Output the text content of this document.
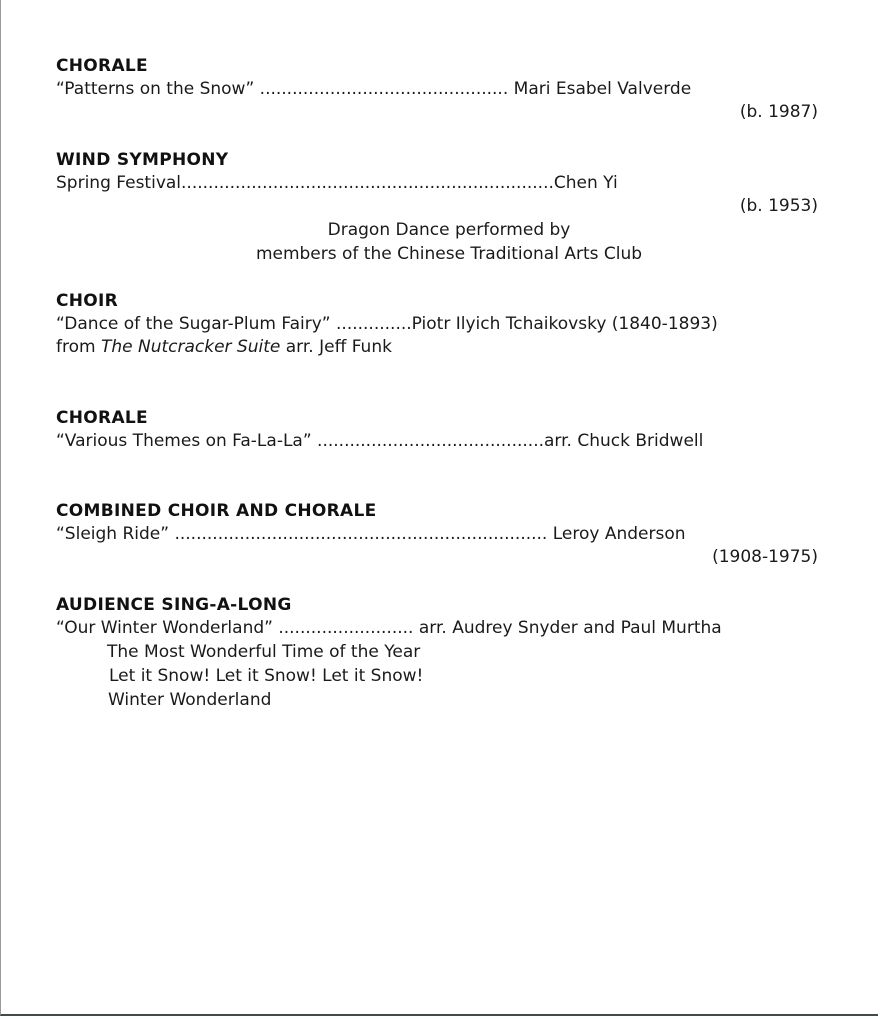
CHORALE
“Patterns on the Snow” .............................................. Mari Esabel Valverde
(b. 1987)
WIND SYMPHONY
Spring Festival.....................................................................Chen Yi
(b. 1953)
Dragon Dance performed by
members of the Chinese Traditional Arts Club
CHOIR
“Dance of the Sugar-Plum Fairy” ..............Piotr Ilyich Tchaikovsky (1840-1893)
from The Nutcracker Suite arr. Jeff Funk
CHORALE
“Various Themes on Fa-La-La” ..........................................arr. Chuck Bridwell
COMBINED CHOIR AND CHORALE
“Sleigh Ride” ..................................................................... Leroy Anderson
(1908-1975)
AUDIENCE SING-A-LONG
“Our Winter Wonderland” ......................... arr. Audrey Snyder and Paul Murtha
The Most Wonderful Time of the Year
Let it Snow! Let it Snow! Let it Snow!
Winter Wonderland
